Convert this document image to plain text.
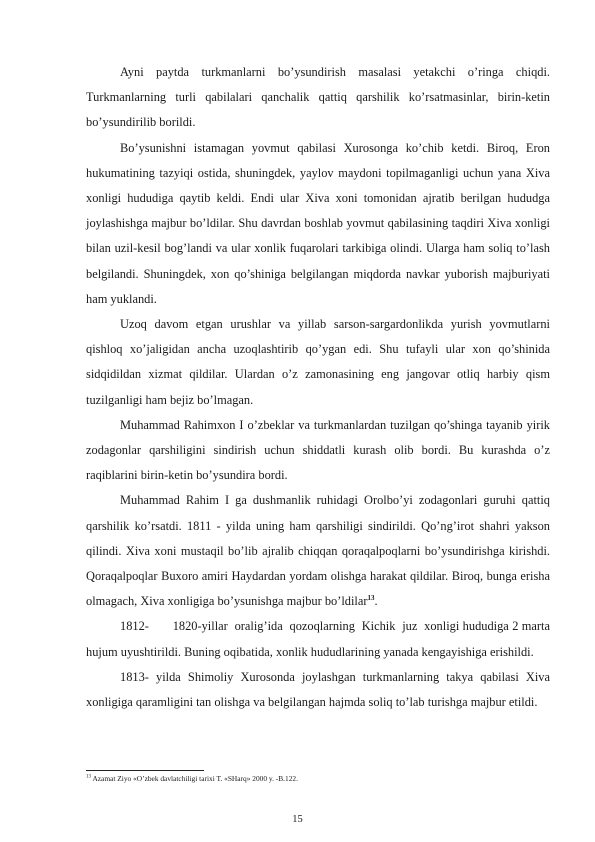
Ayni paytda turkmanlarni bo’ysundirish masalasi yetakchi o’ringa chiqdi. Turkmanlarning turli qabilalari qanchalik qattiq qarshilik ko’rsatmasinlar, birin-ketin bo’ysundirilib borildi.

Bo’ysunishni istamagan yovmut qabilasi Xurosonga ko’chib ketdi. Biroq, Eron hukumatining tazyiqi ostida, shuningdek, yaylov maydoni topilmaganligi uchun yana Xiva xonligi hududiga qaytib keldi. Endi ular Xiva xoni tomonidan ajratib berilgan hududga joylashishga majbur bo’ldilar. Shu davrdan boshlab yovmut qabilasining taqdiri Xiva xonligi bilan uzil-kesil bog’landi va ular xonlik fuqarolari tarkibiga olindi. Ularga ham soliq to’lash belgilandi. Shuningdek, xon qo’shiniga belgilangan miqdorda navkar yuborish majburiyati ham yuklandi.

Uzoq davom etgan urushlar va yillab sarson-sargardonlikda yurish yovmutlarni qishloq xo’jaligidan ancha uzoqlashtirib qo’ygan edi. Shu tufayli ular xon qo’shinida sidqidildan xizmat qildilar. Ulardan o’z zamonasining eng jangovar otliq harbiy qism tuzilganligi ham bejiz bo’lmagan.

Muhammad Rahimxon I o’zbeklar va turkmanlardan tuzilgan qo’shinga tayanib yirik zodagonlar qarshiligini sindirish uchun shiddatli kurash olib bordi. Bu kurashda o’z raqiblarini birin-ketin bo’ysundira bordi.

Muhammad Rahim I ga dushmanlik ruhidagi Orolbo’yi zodagonlari guruhi qattiq qarshilik ko’rsatdi. 1811 - yilda uning ham qarshiligi sindirildi. Qo’ng’irot shahri yakson qilindi. Xiva xoni mustaqil bo’lib ajralib chiqqan qoraqalpoqlarni bo’ysundirishga kirishdi. Qoraqalpoqlar Buxoro amiri Haydardan yordam olishga harakat qildilar. Biroq, bunga erisha olmagach, Xiva xonligiga bo’ysunishga majbur bo’ldilar$^{13}$.

1812-       1820-yillar  oralig’ida  qozoqlarning  Kichik  juz  xonligi hududiga 2 marta hujum uyushtirildi. Buning oqibatida, xonlik hududlarining yanada kengayishiga erishildi.

1813- yilda Shimoliy Xurosonda joylashgan turkmanlarning takya qabilasi Xiva xonligiga qaramligini tan olishga va belgilangan hajmda soliq to’lab turishga majbur etildi.

$^{13}$ Azamat Ziyo «O’zbek davlatchiligi tarixi T. «SHarq» 2000 y. -B.122.
15
